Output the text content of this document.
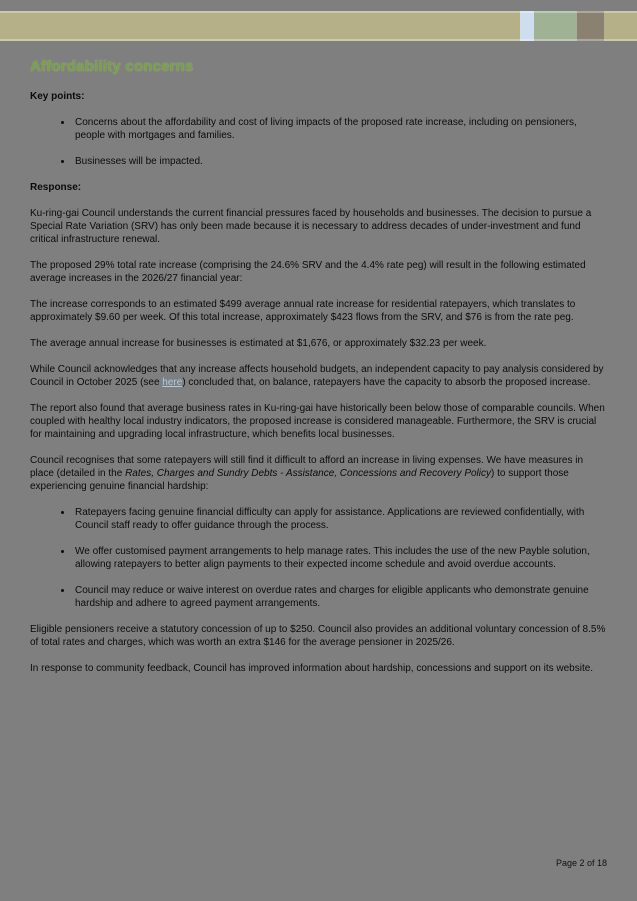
Affordability concerns
Key points:
• Concerns about the affordability and cost of living impacts of the proposed rate increase, including on pensioners, people with mortgages and families.
• Businesses will be impacted.
Response:

Ku-ring-gai Council understands the current financial pressures faced by households and businesses. The decision to pursue a Special Rate Variation (SRV) has only been made because it is necessary to address decades of under-investment and fund critical infrastructure renewal.

The proposed 29% total rate increase (comprising the 24.6% SRV and the 4.4% rate peg) will result in the following estimated average increases in the 2026/27 financial year:

The increase corresponds to an estimated $499 average annual rate increase for residential ratepayers, which translates to approximately $9.60 per week. Of this total increase, approximately $423 flows from the SRV, and $76 is from the rate peg.

The average annual increase for businesses is estimated at $1,676, or approximately $32.23 per week.

While Council acknowledges that any increase affects household budgets, an independent capacity to pay analysis considered by Council in October 2025 (see here) concluded that, on balance, ratepayers have the capacity to absorb the proposed increase.

The report also found that average business rates in Ku-ring-gai have historically been below those of comparable councils. When coupled with healthy local industry indicators, the proposed increase is considered manageable. Furthermore, the SRV is crucial for maintaining and upgrading local infrastructure, which benefits local businesses.

Council recognises that some ratepayers will still find it difficult to afford an increase in living expenses. We have measures in place (detailed in the Rates, Charges and Sundry Debts - Assistance, Concessions and Recovery Policy) to support those experiencing genuine financial hardship:

• Ratepayers facing genuine financial difficulty can apply for assistance. Applications are reviewed confidentially, with Council staff ready to offer guidance through the process.
• We offer customised payment arrangements to help manage rates. This includes the use of the new Payble solution, allowing ratepayers to better align payments to their expected income schedule and avoid overdue accounts.
• Council may reduce or waive interest on overdue rates and charges for eligible applicants who demonstrate genuine hardship and adhere to agreed payment arrangements.

Eligible pensioners receive a statutory concession of up to $250. Council also provides an additional voluntary concession of 8.5% of total rates and charges, which was worth an extra $146 for the average pensioner in 2025/26.

In response to community feedback, Council has improved information about hardship, concessions and support on its website.

Page 2 of 18
